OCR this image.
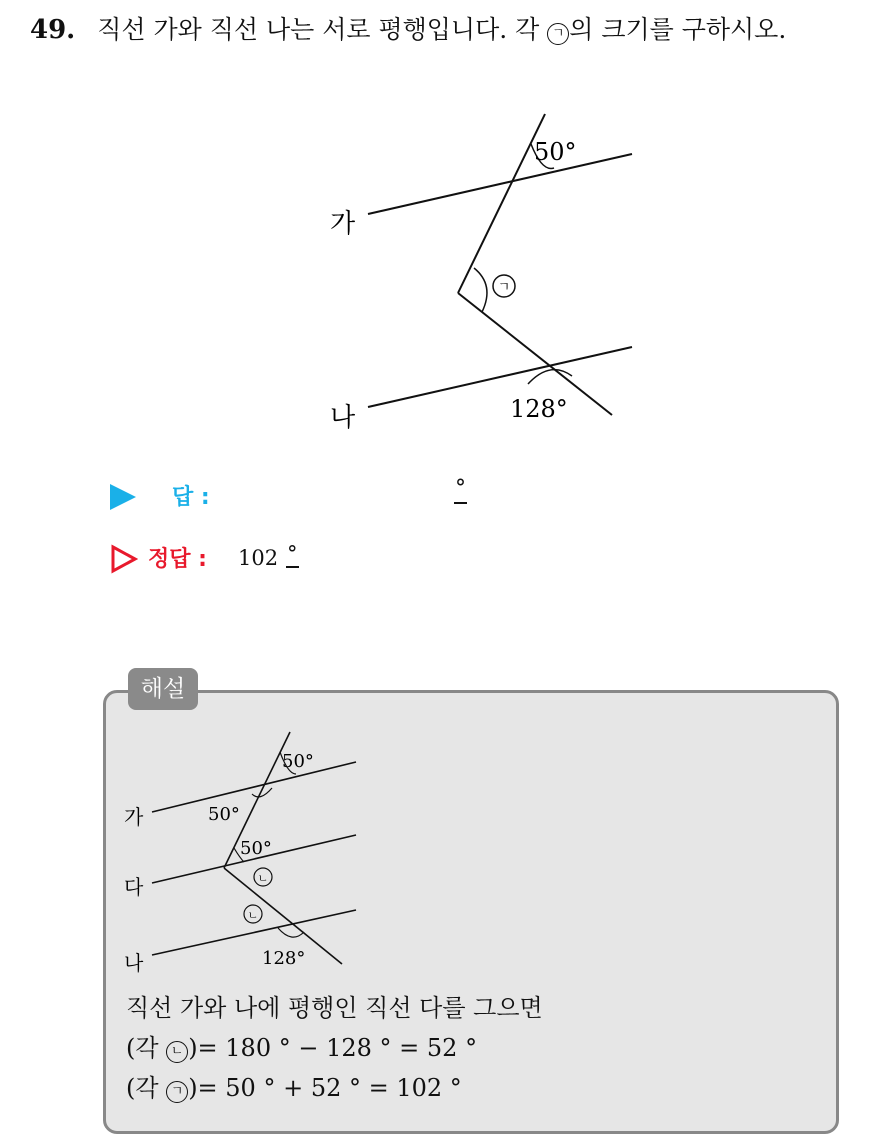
49. 직선 가와 직선 나는 서로 평행입니다. 각 ㄱ 의 크기를 구하시오.
가
나
50°
ㄱ
128°
답 :	°
정답 : 102 °
해설
가
다
나
50°
50°
50°
ㄴ
ㄴ
128°
직선 가와 나에 평행인 직선 다를 그으면
(각 ㄴ )= 180 ° − 128 ° = 52 °
(각 ㄱ )= 50 ° + 52 ° = 102 °
